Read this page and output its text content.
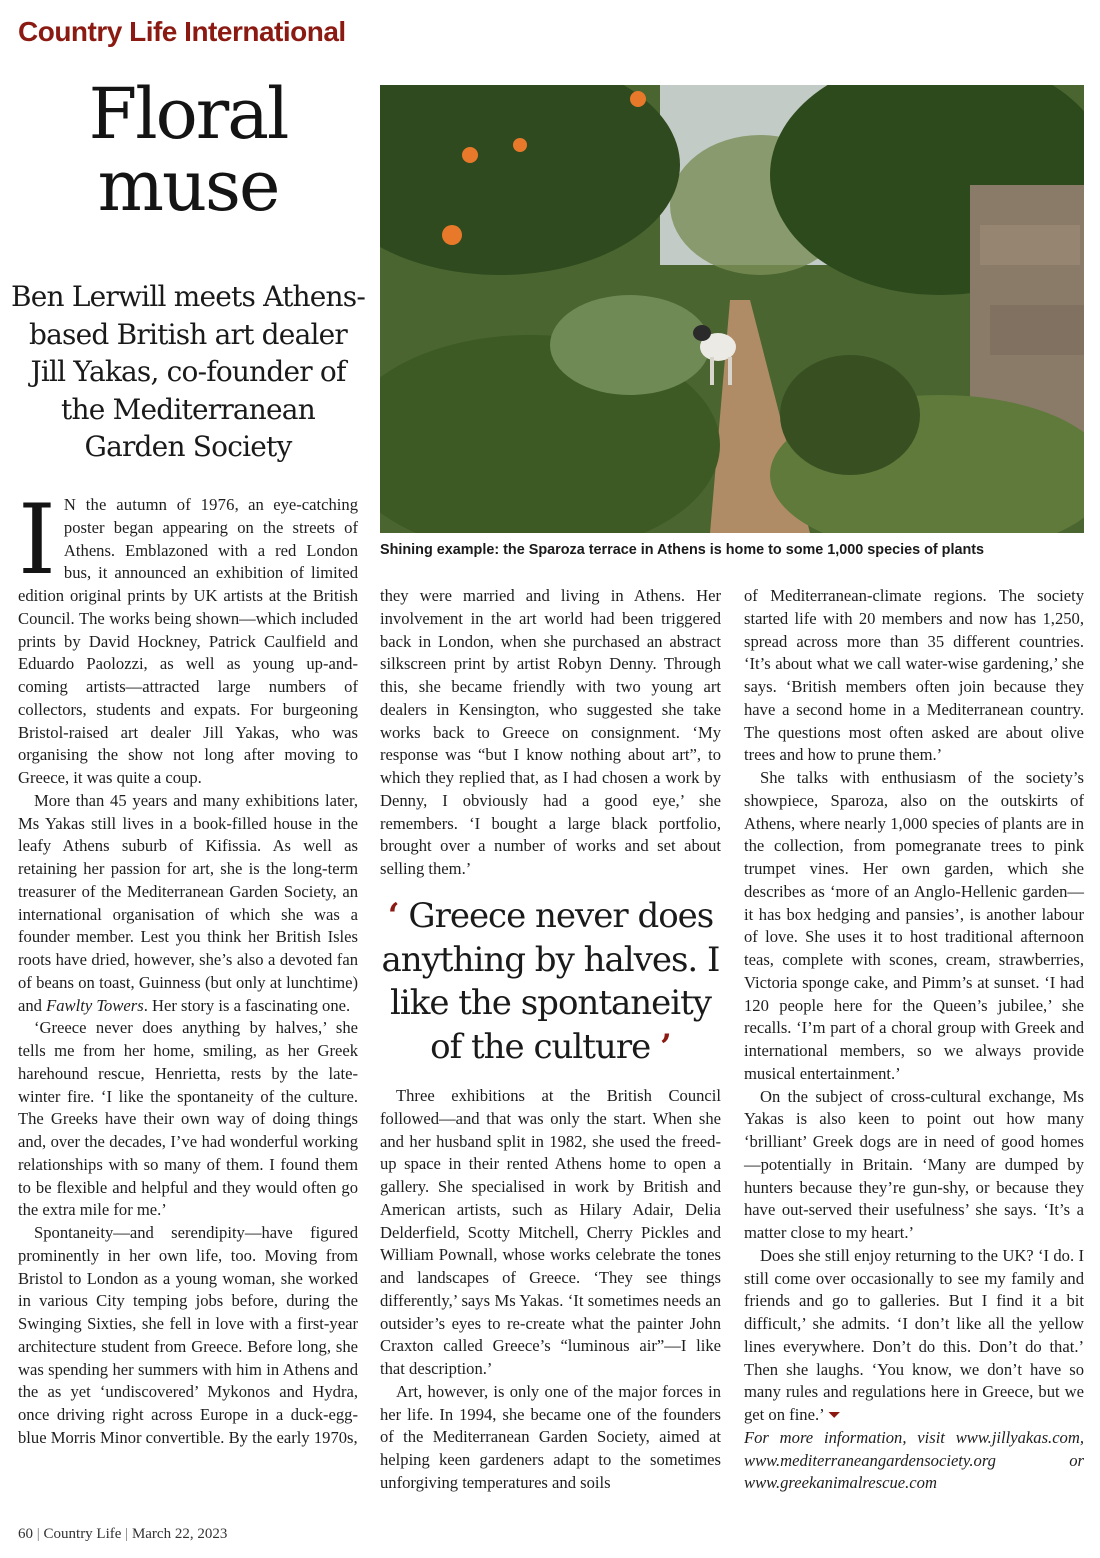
Country Life International
Floral
muse
Ben Lerwill meets Athens-based British art dealer Jill Yakas, co-founder of the Mediterranean Garden Society
Shining example: the Sparoza terrace in Athens is home to some 1,000 species of plants

I N the autumn of 1976, an eye-catching poster began appearing on the streets of Athens. Emblazoned with a red London bus, it announced an exhibition of limited edition original prints by UK artists at the British Council. The works being shown—which included prints by David Hockney, Patrick Caulfield and Eduardo Paolozzi, as well as young up-and-coming artists—attracted large numbers of collectors, students and expats. For burgeoning Bristol-raised art dealer Jill Yakas, who was organising the show not long after moving to Greece, it was quite a coup.

More than 45 years and many exhibitions later, Ms Yakas still lives in a book-filled house in the leafy Athens suburb of Kifissia. As well as retaining her passion for art, she is the long-term treasurer of the Mediterranean Garden Society, an international organisation of which she was a founder member. Lest you think her British Isles roots have dried, however, she’s also a devoted fan of beans on toast, Guinness (but only at lunchtime) and Fawlty Towers. Her story is a fascinating one.

‘Greece never does anything by halves,’ she tells me from her home, smiling, as her Greek harehound rescue, Henrietta, rests by the late-winter fire. ‘I like the spontaneity of the culture. The Greeks have their own way of doing things and, over the decades, I’ve had wonderful working relationships with so many of them. I found them to be flexible and helpful and they would often go the extra mile for me.’

Spontaneity—and serendipity—have figured prominently in her own life, too. Moving from Bristol to London as a young woman, she worked in various City temping jobs before, during the Swinging Sixties, she fell in love with a first-year architecture student from Greece. Before long, she was spending her summers with him in Athens and the as yet ‘undiscovered’ Mykonos and Hydra, once driving right across Europe in a duck-egg-blue Morris Minor convertible. By the early 1970s,

they were married and living in Athens. Her involvement in the art world had been triggered back in London, when she purchased an abstract silkscreen print by artist Robyn Denny. Through this, she became friendly with two young art dealers in Kensington, who suggested she take works back to Greece on consignment. ‘My response was “but I know nothing about art”, to which they replied that, as I had chosen a work by Denny, I obviously had a good eye,’ she remembers. ‘I bought a large black portfolio, brought over a number of works and set about selling them.’

‘ Greece never does anything by halves. I like the spontaneity of the culture ’

Three exhibitions at the British Council followed—and that was only the start. When she and her husband split in 1982, she used the freed-up space in their rented Athens home to open a gallery. She specialised in work by British and American artists, such as Hilary Adair, Delia Delderfield, Scotty Mitchell, Cherry Pickles and William Pownall, whose works celebrate the tones and landscapes of Greece. ‘They see things differently,’ says Ms Yakas. ‘It sometimes needs an outsider’s eyes to re-create what the painter John Craxton called Greece’s “luminous air”—I like that description.’

Art, however, is only one of the major forces in her life. In 1994, she became one of the founders of the Mediterranean Garden Society, aimed at helping keen gardeners adapt to the sometimes unforgiving temperatures and soils

of Mediterranean-climate regions. The society started life with 20 members and now has 1,250, spread across more than 35 different countries. ‘It’s about what we call water-wise gardening,’ she says. ‘British members often join because they have a second home in a Mediterranean country. The questions most often asked are about olive trees and how to prune them.’

She talks with enthusiasm of the society’s showpiece, Sparoza, also on the outskirts of Athens, where nearly 1,000 species of plants are in the collection, from pomegranate trees to pink trumpet vines. Her own garden, which she describes as ‘more of an Anglo-Hellenic garden—it has box hedging and pansies’, is another labour of love. She uses it to host traditional afternoon teas, complete with scones, cream, strawberries, Victoria sponge cake, and Pimm’s at sunset. ‘I had 120 people here for the Queen’s jubilee,’ she recalls. ‘I’m part of a choral group with Greek and international members, so we always provide musical entertainment.’

On the subject of cross-cultural exchange, Ms Yakas is also keen to point out how many ‘brilliant’ Greek dogs are in need of good homes —potentially in Britain. ‘Many are dumped by hunters because they’re gun-shy, or because they have out-served their usefulness’ she says. ‘It’s a matter close to my heart.’

Does she still enjoy returning to the UK? ‘I do. I still come over occasionally to see my family and friends and go to galleries. But I find it a bit difficult,’ she admits. ‘I don’t like all the yellow lines everywhere. Don’t do this. Don’t do that.’ Then she laughs. ‘You know, we don’t have so many rules and regulations here in Greece, but we get on fine.’ ⏷

For more information, visit www.jillyakas.com, www.mediterraneangardensociety.org or www.greekanimalrescue.com

60 | Country Life | March 22, 2023
